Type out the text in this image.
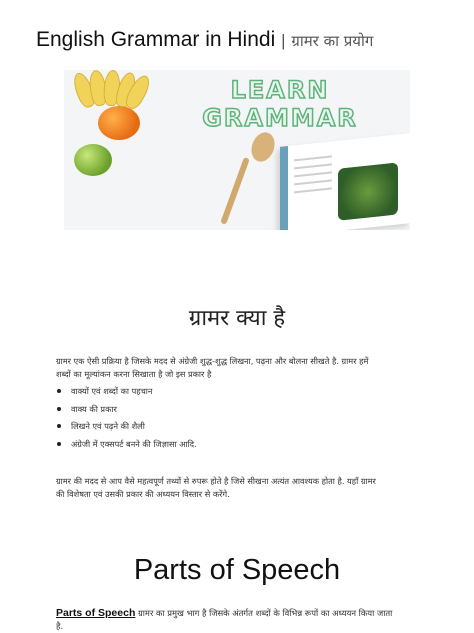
English Grammar in Hindi | ग्रामर का प्रयोग
LEARN
GRAMMAR
ग्रामर क्या है
ग्रामर एक ऐसी प्रक्रिया है जिसके मदद से अंग्रेजी शुद्ध-शुद्ध लिखना, पढ़ना और बोलना सीखते है. ग्रामर हमें
शब्दों का मूल्यांकन करना सिखाता है जो इस प्रकार है
वाक्यों एवं शब्दों का पहचान
वाक्य की प्रकार
लिखने एवं पढ़ने की शैली
अंग्रेजी में एक्सपर्ट बनने की जिज्ञासा आदि.
ग्रामर की मदद से आप वैसे महत्वपूर्ण तथ्यों से रुपरू होते है जिसे सीखना अत्यंत आवश्यक होता है. यहाँ ग्रामर
की विशेषता एवं उसकी प्रकार की अध्ययन विस्तार से करेंगे.
Parts of Speech
Parts of Speech ग्रामर का प्रमुख भाग है जिसके अंतर्गत शब्दों के विभिन्न रूपों का अध्ययन किया जाता
है.
